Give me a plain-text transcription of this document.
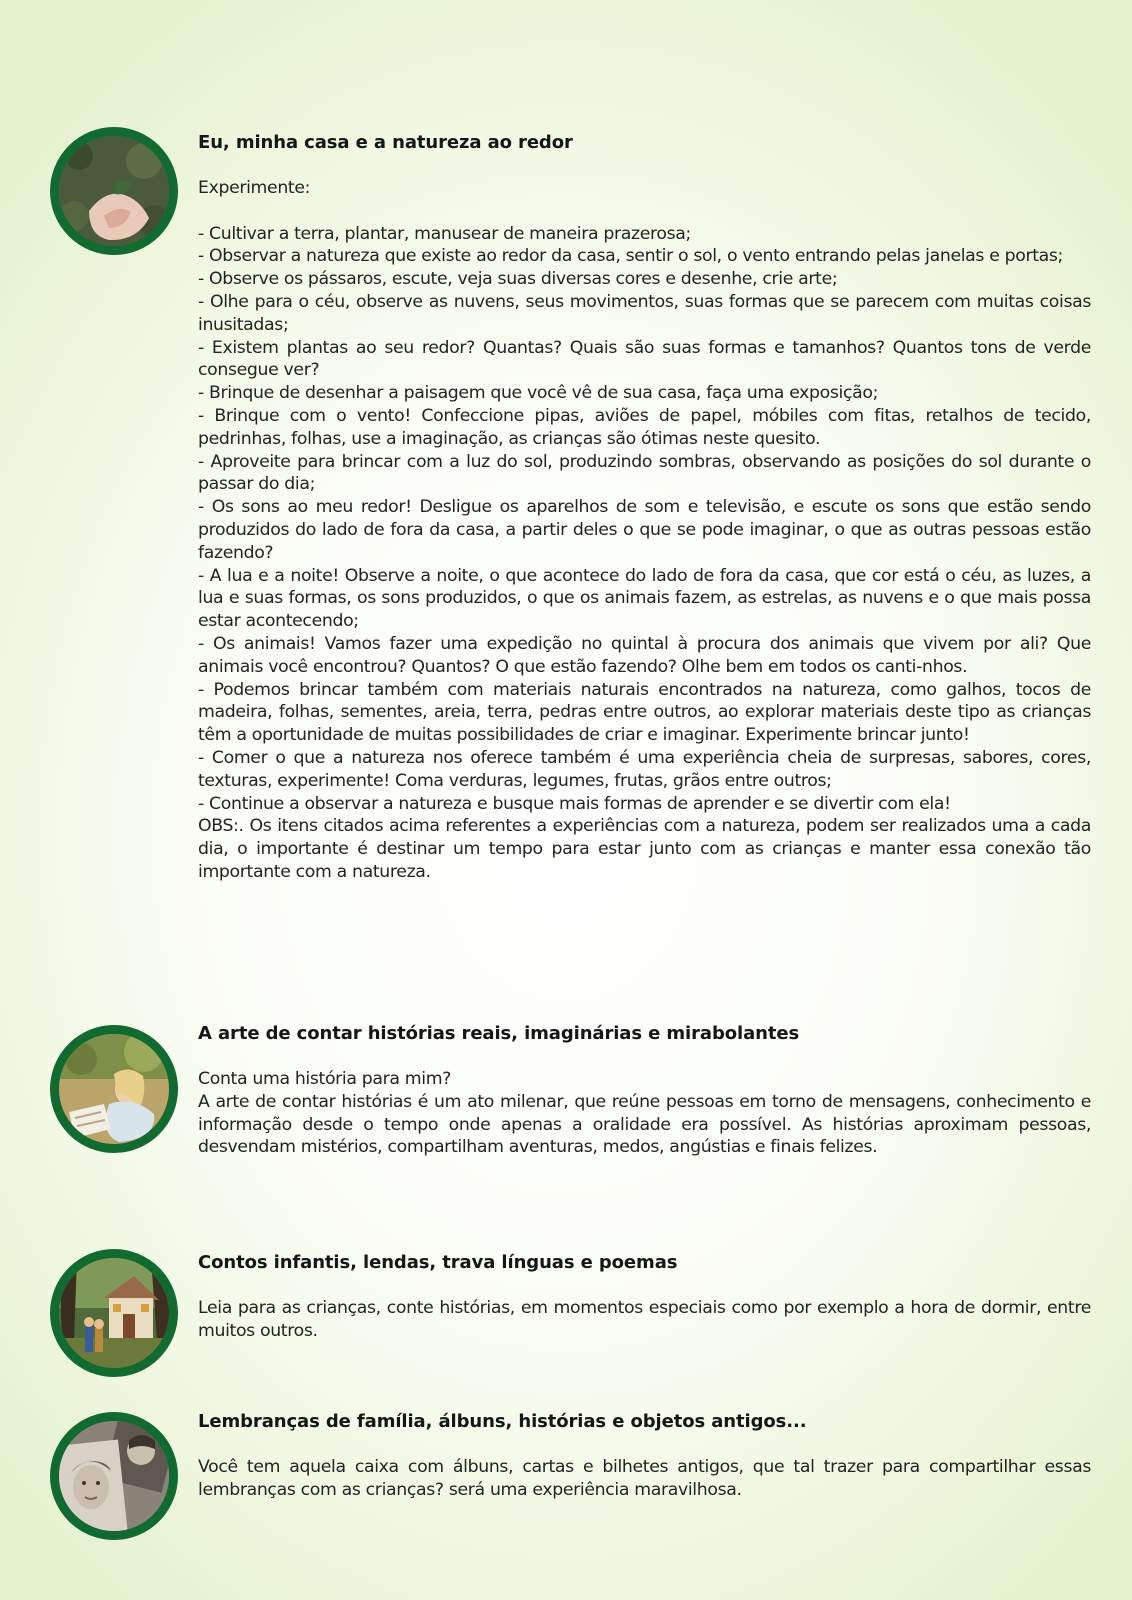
Eu, minha casa e a natureza ao redor

Experimente:

- Cultivar a terra, plantar, manusear de maneira prazerosa;
- Observar a natureza que existe ao redor da casa, sentir o sol, o vento entrando pelas janelas e portas;
- Observe os pássaros, escute, veja suas diversas cores e desenhe, crie arte;
- Olhe para o céu, observe as nuvens, seus movimentos, suas formas que se parecem com muitas coisas inusitadas;
- Existem plantas ao seu redor? Quantas? Quais são suas formas e tamanhos? Quantos tons de verde consegue ver?
- Brinque de desenhar a paisagem que você vê de sua casa, faça uma exposição;
- Brinque com o vento! Confeccione pipas, aviões de papel, móbiles com fitas, retalhos de tecido, pedrinhas, folhas, use a imaginação, as crianças são ótimas neste quesito.
- Aproveite para brincar com a luz do sol, produzindo sombras, observando as posições do sol durante o passar do dia;
- Os sons ao meu redor! Desligue os aparelhos de som e televisão, e escute os sons que estão sendo produzidos do lado de fora da casa, a partir deles o que se pode imaginar, o que as outras pessoas estão fazendo?
- A lua e a noite! Observe a noite, o que acontece do lado de fora da casa, que cor está o céu, as luzes, a lua e suas formas, os sons produzidos, o que os animais fazem, as estrelas, as nuvens e o que mais possa estar acontecendo;
- Os animais! Vamos fazer uma expedição no quintal à procura dos animais que vivem por ali? Que animais você encontrou? Quantos? O que estão fazendo? Olhe bem em todos os canti-nhos.
- Podemos brincar também com materiais naturais encontrados na natureza, como galhos, tocos de madeira, folhas, sementes, areia, terra, pedras entre outros, ao explorar materiais deste tipo as crianças têm a oportunidade de muitas possibilidades de criar e imaginar. Experimente brincar junto!
- Comer o que a natureza nos oferece também é uma experiência cheia de surpresas, sabores, cores, texturas, experimente! Coma verduras, legumes, frutas, grãos entre outros;
- Continue a observar a natureza e busque mais formas de aprender e se divertir com ela!
OBS:. Os itens citados acima referentes a experiências com a natureza, podem ser realizados uma a cada dia, o importante é destinar um tempo para estar junto com as crianças e manter essa conexão tão importante com a natureza.
A arte de contar histórias reais, imaginárias e mirabolantes

Conta uma história para mim?

A arte de contar histórias é um ato milenar, que reúne pessoas em torno de mensagens, conhecimento e informação desde o tempo onde apenas a oralidade era possível. As histórias aproximam pessoas, desvendam mistérios, compartilham aventuras, medos, angústias e finais felizes.

Contos infantis, lendas, trava línguas e poemas

Leia para as crianças, conte histórias, em momentos especiais como por exemplo a hora de dormir, entre muitos outros.

Lembranças de família, álbuns, histórias e objetos antigos...

Você tem aquela caixa com álbuns, cartas e bilhetes antigos, que tal trazer para compartilhar essas lembranças com as crianças? será uma experiência maravilhosa.
